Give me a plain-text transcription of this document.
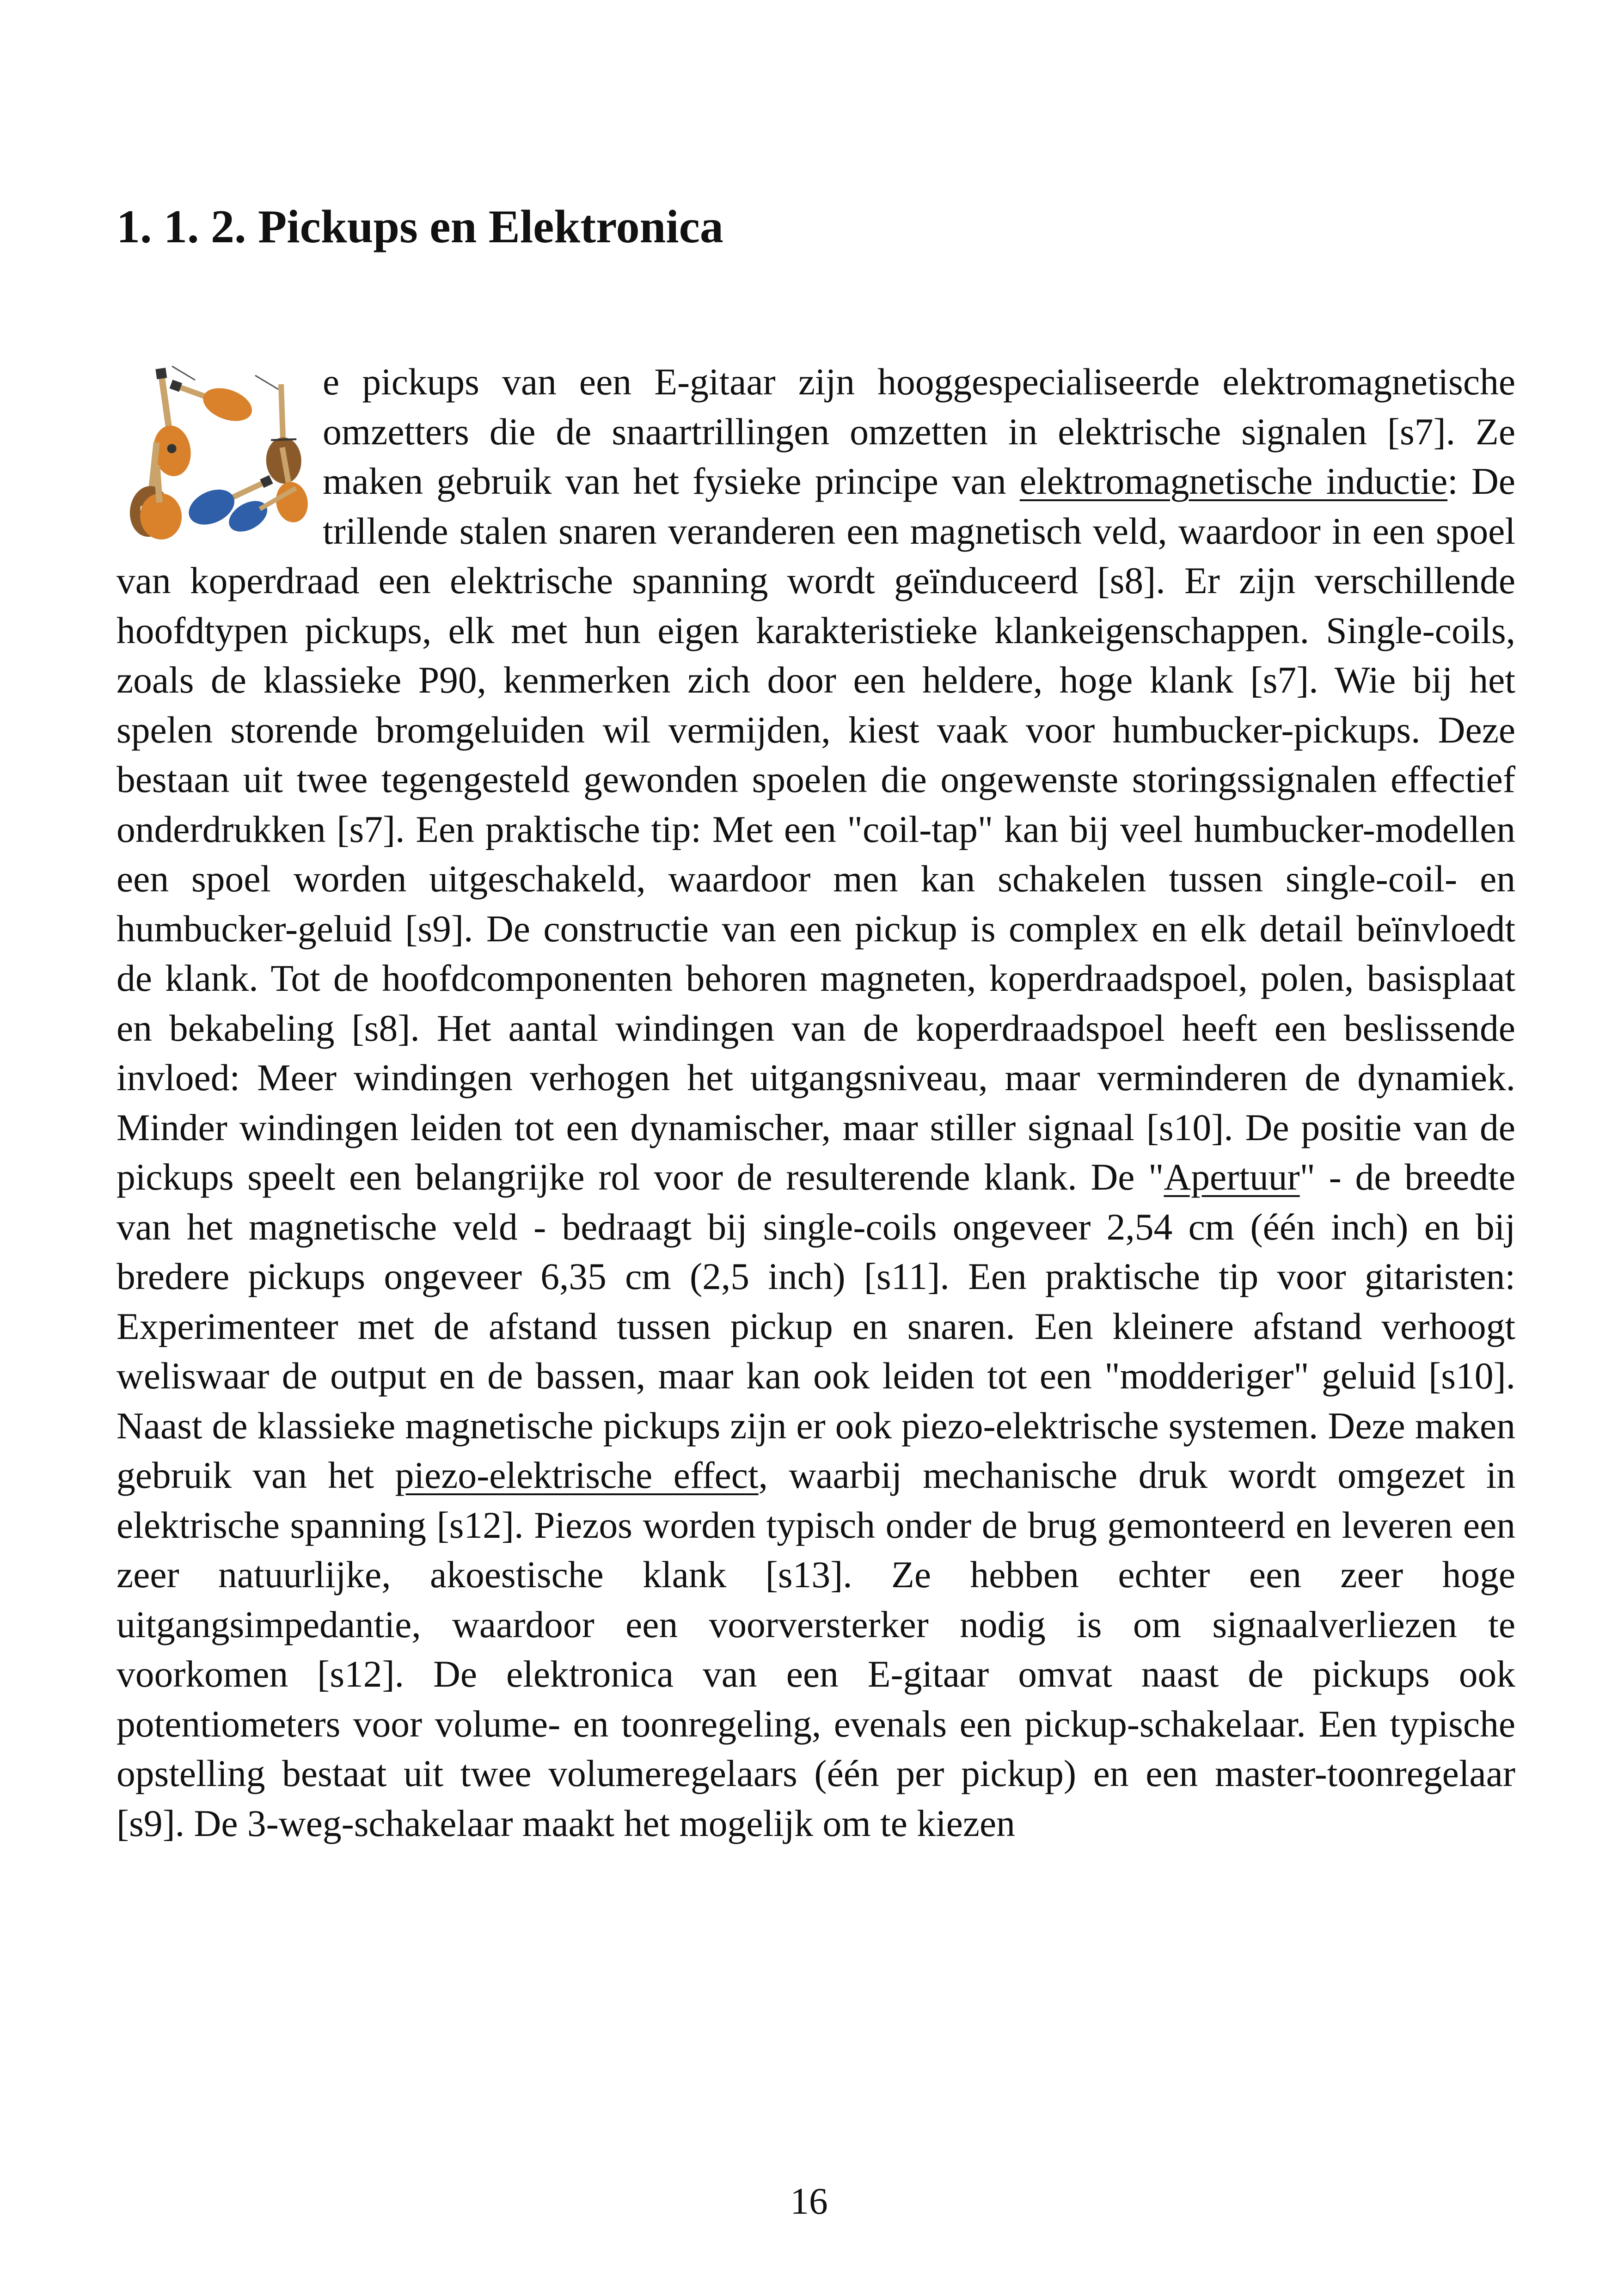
1. 1. 2. Pickups en Elektronica

e pickups van een E-gitaar zijn hooggespecialiseerde elektromagnetische omzetters die de snaartrillingen omzetten in elektrische signalen [s7]. Ze maken gebruik van het fysieke principe van elektromagnetische inductie: De trillende stalen snaren veranderen een magnetisch veld, waardoor in een spoel van koperdraad een elektrische spanning wordt geïnduceerd [s8]. Er zijn verschillende hoofdtypen pickups, elk met hun eigen karakteristieke klankeigenschappen. Single-coils, zoals de klassieke P90, kenmerken zich door een heldere, hoge klank [s7]. Wie bij het spelen storende bromgeluiden wil vermijden, kiest vaak voor humbucker-pickups. Deze bestaan uit twee tegengesteld gewonden spoelen die ongewenste storingssignalen effectief onderdrukken [s7]. Een praktische tip: Met een "coil-tap" kan bij veel humbucker-modellen een spoel worden uitgeschakeld, waardoor men kan schakelen tussen single-coil- en humbucker-geluid [s9]. De constructie van een pickup is complex en elk detail beïnvloedt de klank. Tot de hoofdcomponenten behoren magneten, koperdraadspoel, polen, basisplaat en bekabeling [s8]. Het aantal windingen van de koperdraadspoel heeft een beslissende invloed: Meer windingen verhogen het uitgangsniveau, maar verminderen de dynamiek. Minder windingen leiden tot een dynamischer, maar stiller signaal [s10]. De positie van de pickups speelt een belangrijke rol voor de resulterende klank. De "Apertuur" - de breedte van het magnetische veld - bedraagt bij single-coils ongeveer 2,54 cm (één inch) en bij bredere pickups ongeveer 6,35 cm (2,5 inch) [s11]. Een praktische tip voor gitaristen: Experimenteer met de afstand tussen pickup en snaren. Een kleinere afstand verhoogt weliswaar de output en de bassen, maar kan ook leiden tot een "modderiger" geluid [s10]. Naast de klassieke magnetische pickups zijn er ook piezo-elektrische systemen. Deze maken gebruik van het piezo-elektrische effect, waarbij mechanische druk wordt omgezet in elektrische spanning [s12]. Piezos worden typisch onder de brug gemonteerd en leveren een zeer natuurlijke, akoestische klank [s13]. Ze hebben echter een zeer hoge uitgangsimpedantie, waardoor een voorversterker nodig is om signaalverliezen te voorkomen [s12]. De elektronica van een E-gitaar omvat naast de pickups ook potentiometers voor volume- en toonregeling, evenals een pickup-schakelaar. Een typische opstelling bestaat uit twee volumeregelaars (één per pickup) en een master-toonregelaar [s9]. De 3-weg-schakelaar maakt het mogelijk om te kiezen

16
